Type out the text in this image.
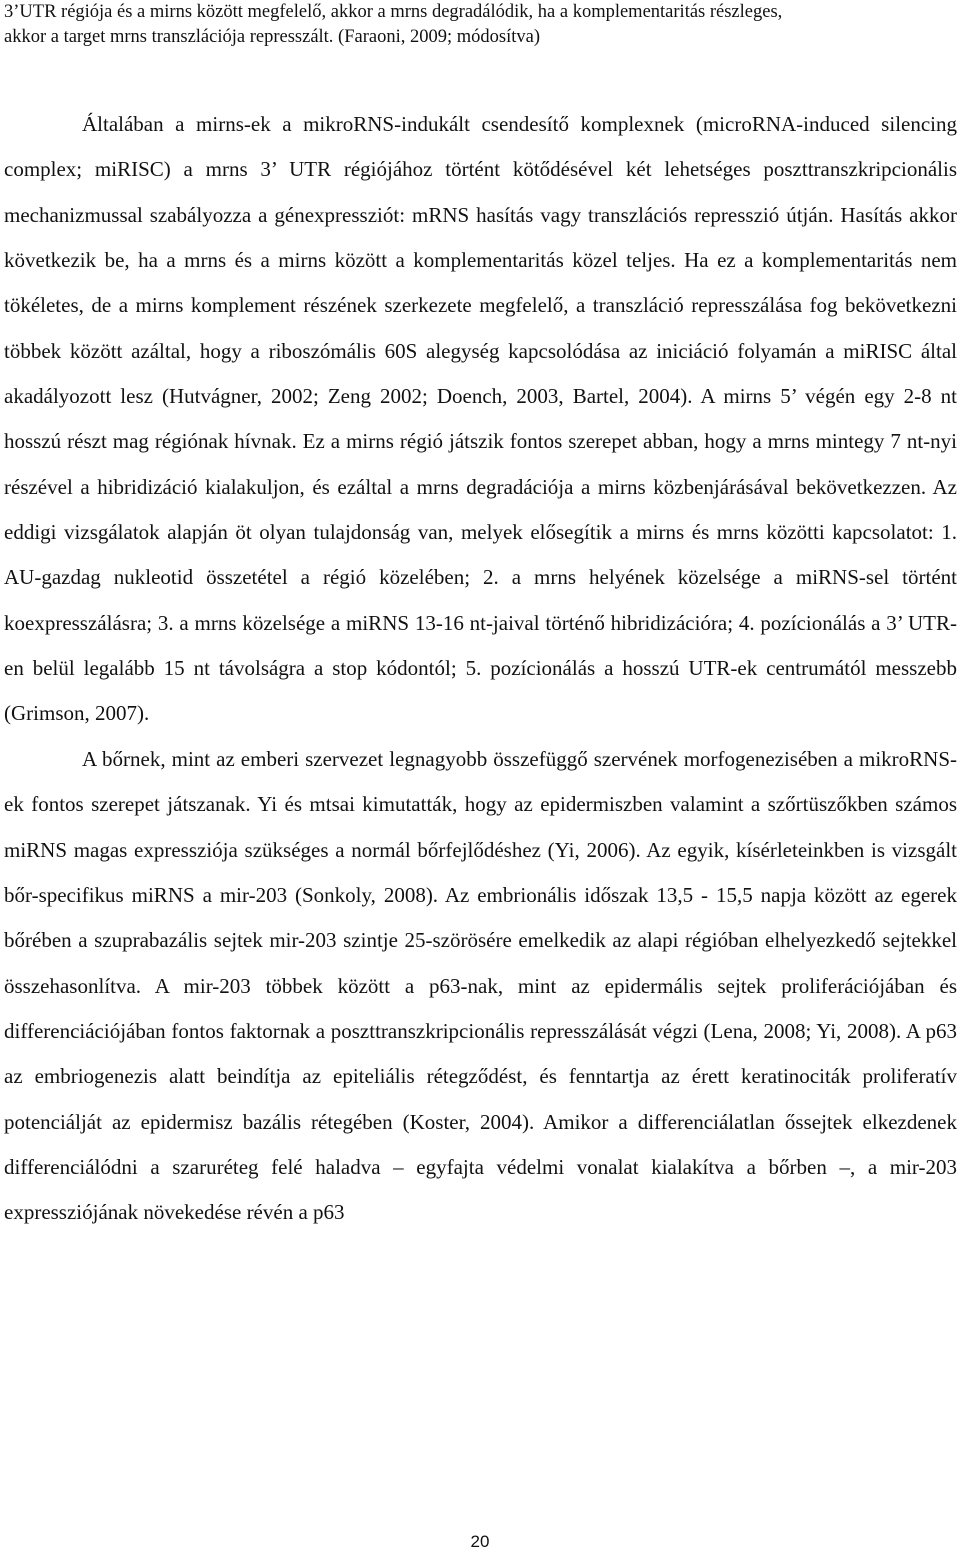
3’UTR régiója és a mirns között megfelelő, akkor a mrns degradálódik, ha a komplementaritás részleges,
akkor a target mrns transzlációja represszált. (Faraoni, 2009; módosítva)

Általában a mirns-ek a mikroRNS-indukált csendesítő komplexnek (microRNA-induced silencing complex; miRISC) a mrns 3’ UTR régiójához történt kötődésével két lehetséges poszttranszkripcionális mechanizmussal szabályozza a génexpressziót: mRNS hasítás vagy transzlációs represszió útján. Hasítás akkor következik be, ha a mrns és a mirns között a komplementaritás közel teljes. Ha ez a komplementaritás nem tökéletes, de a mirns komplement részének szerkezete megfelelő, a transzláció represszálása fog bekövetkezni többek között azáltal, hogy a riboszómális 60S alegység kapcsolódása az iniciáció folyamán a miRISC által akadályozott lesz (Hutvágner, 2002; Zeng 2002; Doench, 2003, Bartel, 2004). A mirns 5’ végén egy 2-8 nt hosszú részt mag régiónak hívnak. Ez a mirns régió játszik fontos szerepet abban, hogy a mrns mintegy 7 nt-nyi részével a hibridizáció kialakuljon, és ezáltal a mrns degradációja a mirns közbenjárásával bekövetkezzen. Az eddigi vizsgálatok alapján öt olyan tulajdonság van, melyek elősegítik a mirns és mrns közötti kapcsolatot: 1. AU-gazdag nukleotid összetétel a régió közelében; 2. a mrns helyének közelsége a miRNS-sel történt koexpresszálásra; 3. a mrns közelsége a miRNS 13-16 nt-jaival történő hibridizációra; 4. pozícionálás a 3’ UTR-en belül legalább 15 nt távolságra a stop kódontól; 5. pozícionálás a hosszú UTR-ek centrumától messzebb (Grimson, 2007).

A bőrnek, mint az emberi szervezet legnagyobb összefüggő szervének morfogenezisében a mikroRNS-ek fontos szerepet játszanak. Yi és mtsai kimutatták, hogy az epidermiszben valamint a szőrtüszőkben számos miRNS magas expressziója szükséges a normál bőrfejlődéshez (Yi, 2006). Az egyik, kísérleteinkben is vizsgált bőr-specifikus miRNS a mir-203 (Sonkoly, 2008). Az embrionális időszak 13,5 - 15,5 napja között az egerek bőrében a szuprabazális sejtek mir-203 szintje 25-szörösére emelkedik az alapi régióban elhelyezkedő sejtekkel összehasonlítva. A mir-203 többek között a p63-nak, mint az epidermális sejtek proliferációjában és differenciációjában fontos faktornak a poszttranszkripcionális represszálását végzi (Lena, 2008; Yi, 2008). A p63 az embriogenezis alatt beindítja az epiteliális rétegződést, és fenntartja az érett keratinociták proliferatív potenciálját az epidermisz bazális rétegében (Koster, 2004). Amikor a differenciálatlan őssejtek elkezdenek differenciálódni a szaruréteg felé haladva – egyfajta védelmi vonalat kialakítva a bőrben –, a mir-203 expressziójának növekedése révén a p63

20
